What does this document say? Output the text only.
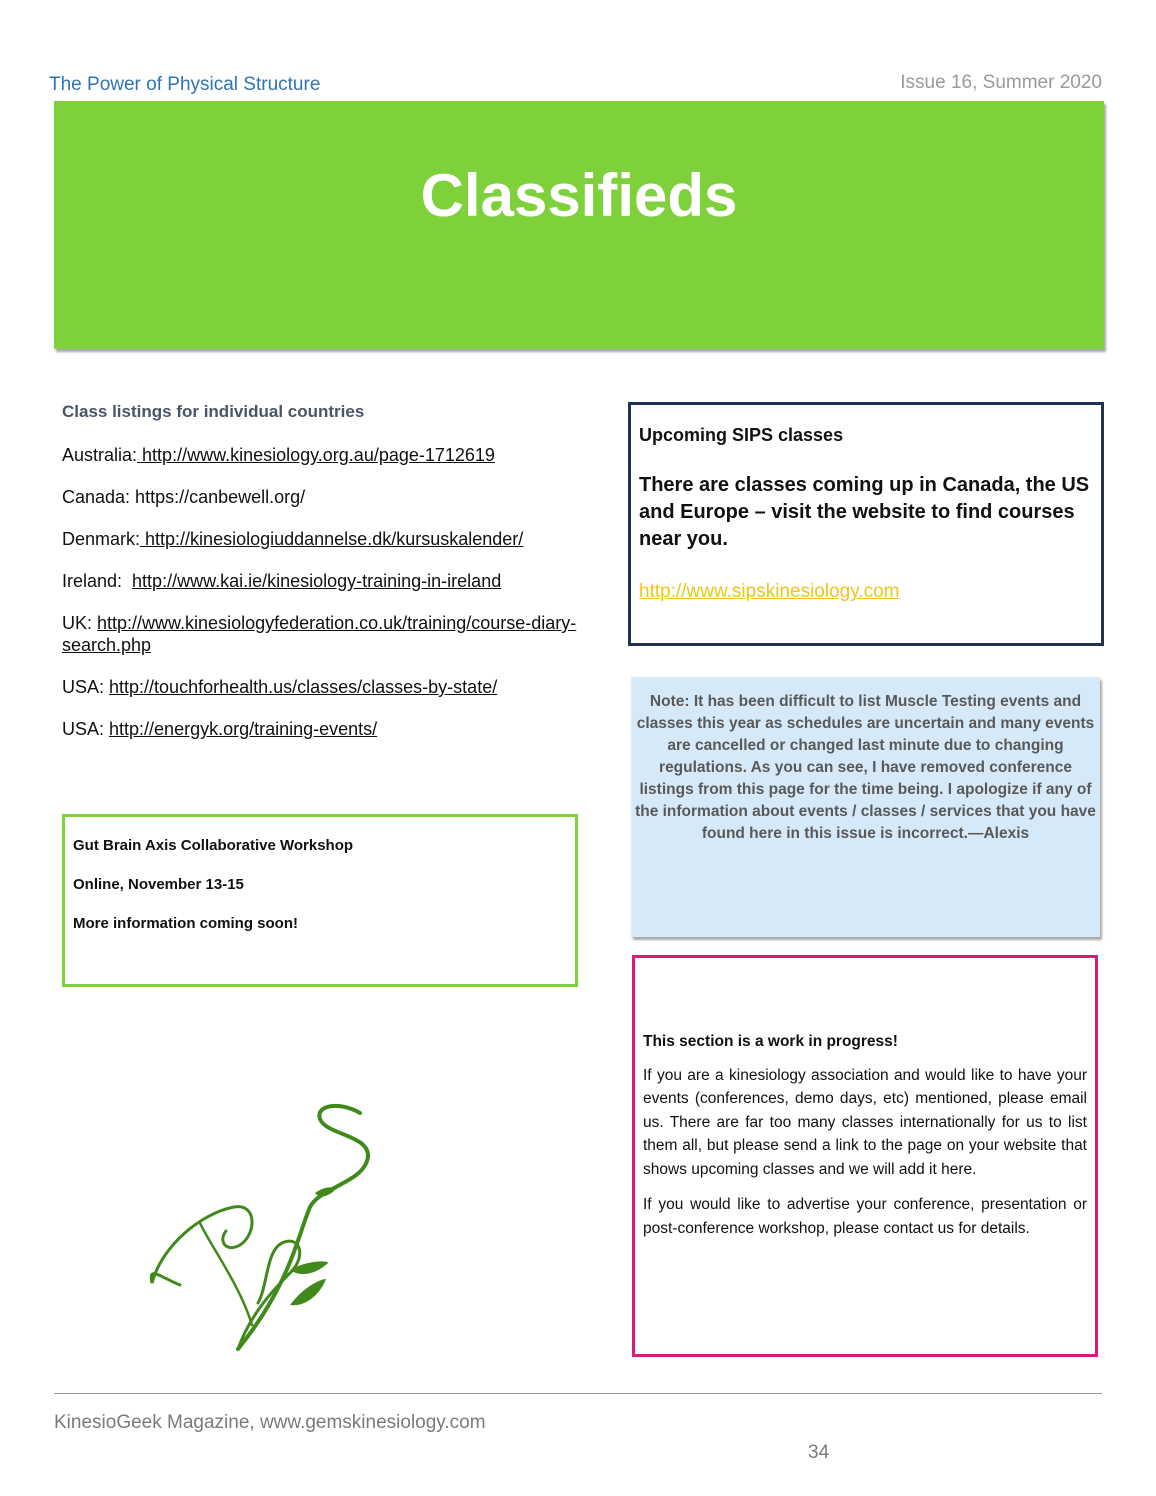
The Power of Physical Structure	Issue 16, Summer 2020
Classifieds
Class listings for individual countries
Australia: http://www.kinesiology.org.au/page-1712619
Canada: https://canbewell.org/
Denmark: http://kinesiologiuddannelse.dk/kursuskalender/
Ireland:  http://www.kai.ie/kinesiology-training-in-ireland
UK: http://www.kinesiologyfederation.co.uk/training/course-diary-search.php
USA: http://touchforhealth.us/classes/classes-by-state/
USA: http://energyk.org/training-events/
Gut Brain Axis Collaborative Workshop
Online, November 13-15
More information coming soon!
Upcoming SIPS classes
There are classes coming up in Canada, the US and Europe – visit the website to find courses near you.
http://www.sipskinesiology.com
Note: It has been difficult to list Muscle Testing events and classes this year as schedules are uncertain and many events are cancelled or changed last minute due to changing regulations. As you can see, I have removed conference listings from this page for the time being. I apologize if any of the information about events / classes / services that you have found here in this issue is incorrect.—Alexis
This section is a work in progress!
If you are a kinesiology association and would like to have your events (conferences, demo days, etc) mentioned, please email us. There are far too many classes internationally for us to list them all, but please send a link to the page on your website that shows upcoming classes and we will add it here.
If you would like to advertise your conference, presentation or post-conference workshop, please contact us for details.
KinesioGeek Magazine, www.gemskinesiology.com
34
